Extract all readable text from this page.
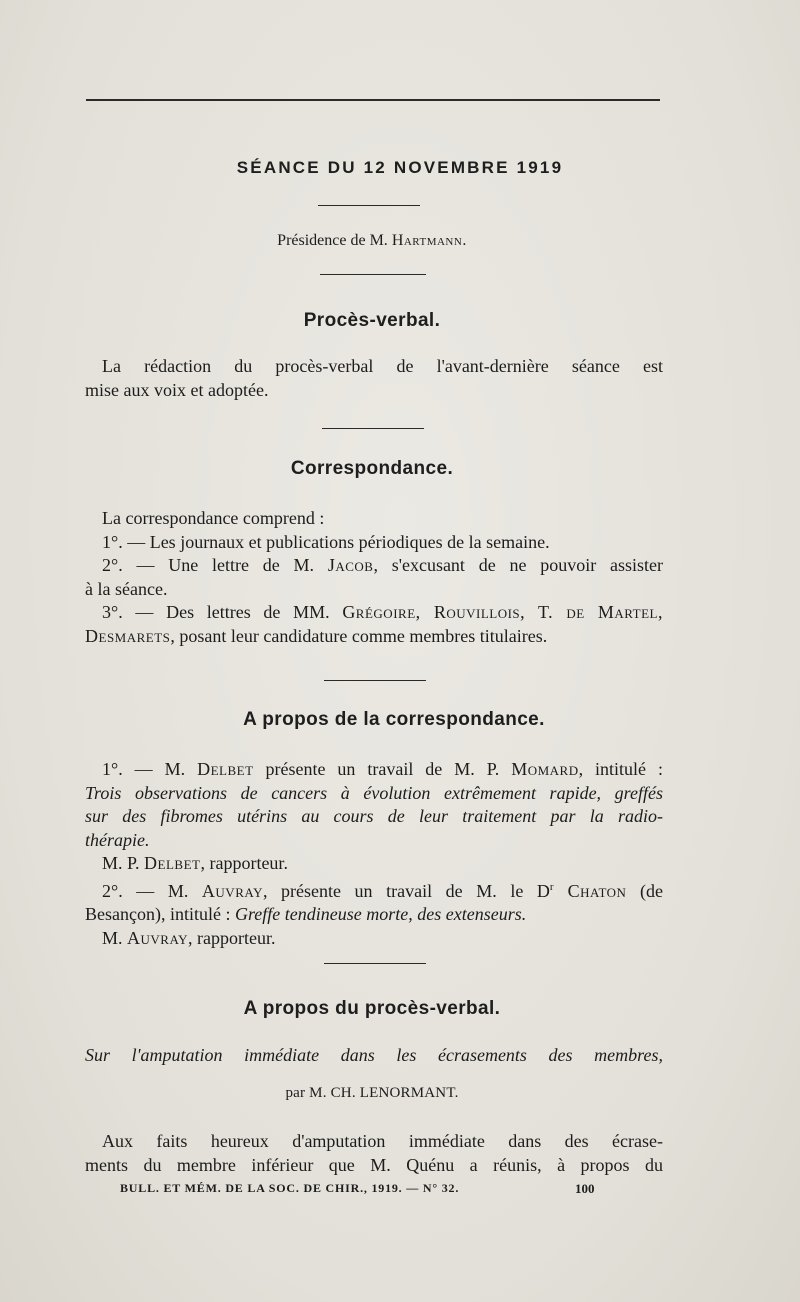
SÉANCE DU 12 NOVEMBRE 1919
Présidence de M. Hartmann.
Procès-verbal.
La rédaction du procès-verbal de l'avant-dernière séance est
mise aux voix et adoptée.
Correspondance.
La correspondance comprend :
1°. — Les journaux et publications périodiques de la semaine.
2°. — Une lettre de M. Jacob, s'excusant de ne pouvoir assister
à la séance.
3°. — Des lettres de MM. Grégoire, Rouvillois, T. de Martel,
Desmarets, posant leur candidature comme membres titulaires.
A propos de la correspondance.
1°. — M. Delbet présente un travail de M. P. Momard, intitulé :
Trois observations de cancers à évolution extrêmement rapide, greffés
sur des fibromes utérins au cours de leur traitement par la radio-
thérapie.
M. P. Delbet, rapporteur.
2°. — M. Auvray, présente un travail de M. le $D^r$ Chaton (de
Besançon), intitulé : Greffe tendineuse morte, des extenseurs.
M. Auvray, rapporteur.
A propos du procès-verbal.
Sur l'amputation immédiate dans les écrasements des membres,
par M. CH. LENORMANT.
Aux faits heureux d'amputation immédiate dans des écrase-
ments du membre inférieur que M. Quénu a réunis, à propos du
BULL. ET MÉM. DE LA SOC. DE CHIR., 1919. — N° 32.	100
